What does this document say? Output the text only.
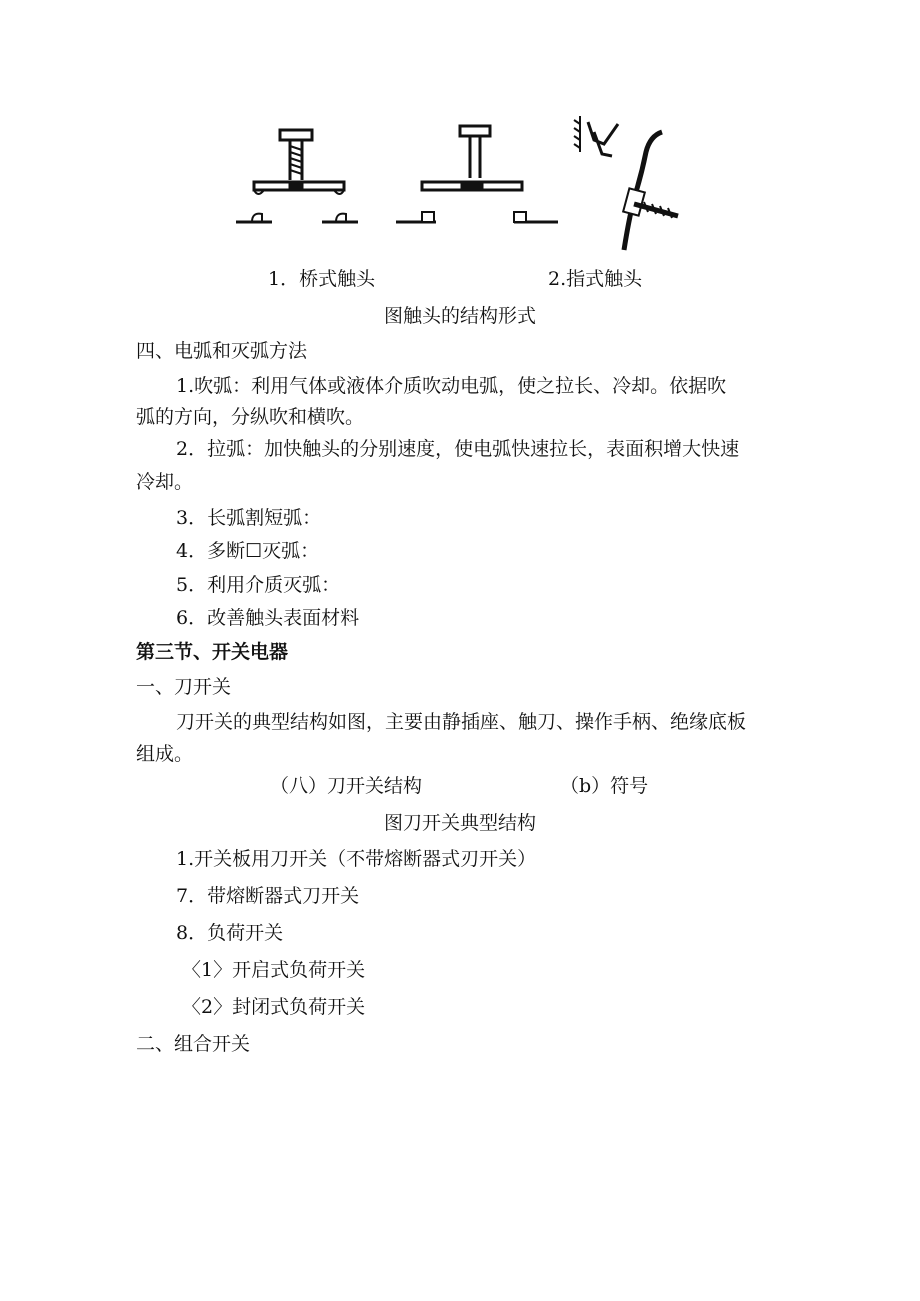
1．桥式触头	2.指式触头
图触头的结构形式
四、电弧和灭弧方法
1.吹弧：利用气体或液体介质吹动电弧，使之拉长、冷却。依据吹
弧的方向，分纵吹和横吹。
2．拉弧：加快触头的分别速度，使电弧快速拉长，表面积增大快速
冷却。
3．长弧割短弧：
4．多断☐灭弧：
5．利用介质灭弧：
6．改善触头表面材料
第三节、开关电器
一、刀开关
刀开关的典型结构如图，主要由静插座、触刀、操作手柄、绝缘底板
组成。
（八）刀开关结构	（b）符号
图刀开关典型结构
1.开关板用刀开关（不带熔断器式刃开关）
7．带熔断器式刀开关
8．负荷开关
〈1〉开启式负荷开关
〈2〉封闭式负荷开关
二、组合开关
